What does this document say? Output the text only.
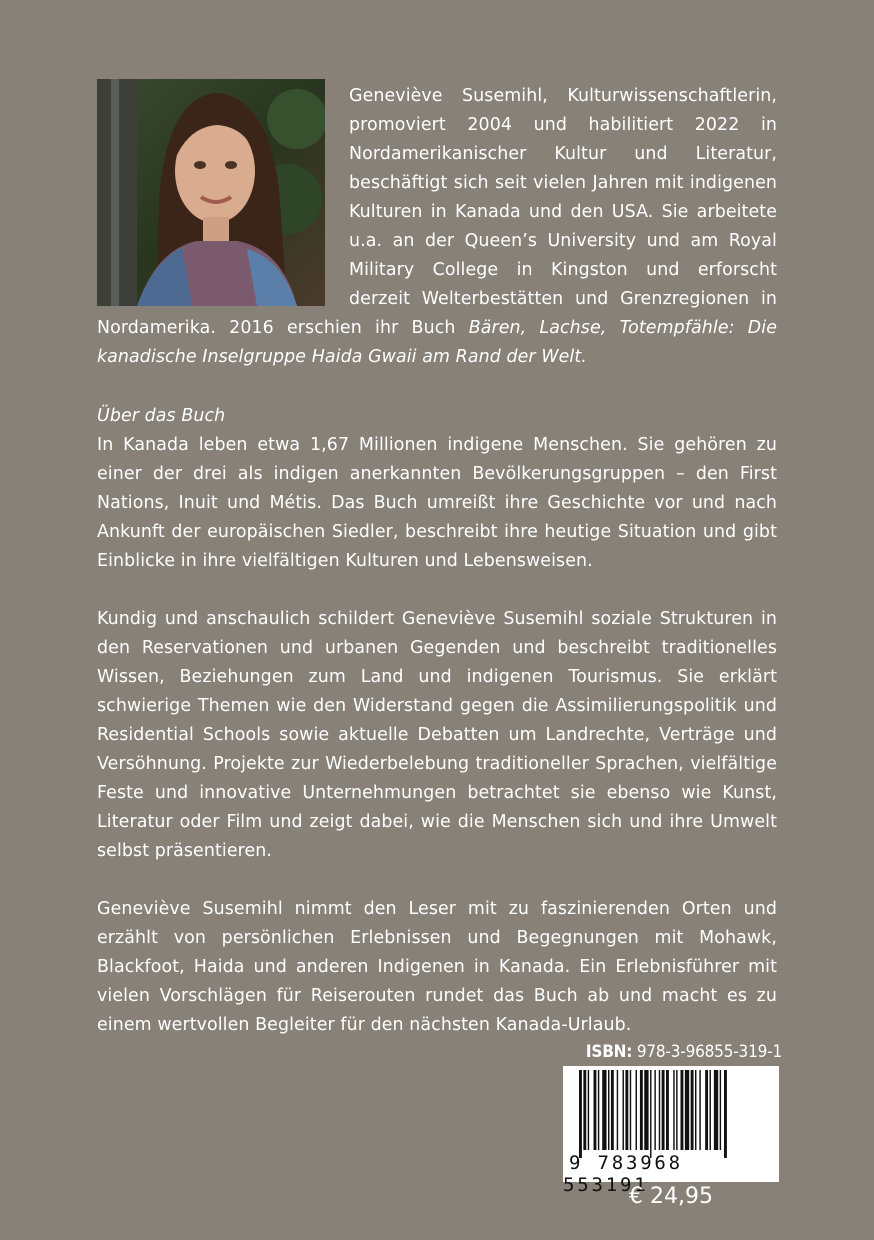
Geneviève Susemihl, Kulturwissenschaftlerin, promoviert 2004 und habilitiert 2022 in Nordamerikanischer Kultur und Literatur, beschäftigt sich seit vielen Jahren mit indigenen Kulturen in Kanada und den USA. Sie arbeitete u.a. an der Queen’s University und am Royal Military College in Kingston und erforscht derzeit Welterbestätten und Grenzregionen in Nordamerika. 2016 erschien ihr Buch Bären, Lachse, Totempfähle: Die kanadische Inselgruppe Haida Gwaii am Rand der Welt.

Über das Buch

In Kanada leben etwa 1,67 Millionen indigene Menschen. Sie gehören zu einer der drei als indigen anerkannten Bevölkerungsgruppen – den First Nations, Inuit und Métis. Das Buch umreißt ihre Geschichte vor und nach Ankunft der europäischen Siedler, beschreibt ihre heutige Situation und gibt Einblicke in ihre vielfältigen Kulturen und Lebensweisen.

Kundig und anschaulich schildert Geneviève Susemihl soziale Strukturen in den Reservationen und urbanen Gegenden und beschreibt traditionelles Wissen, Beziehungen zum Land und indigenen Tourismus. Sie erklärt schwierige Themen wie den Widerstand gegen die Assimilierungspolitik und Residential Schools sowie aktuelle Debatten um Landrechte, Verträge und Versöhnung. Projekte zur Wiederbelebung traditioneller Sprachen, vielfältige Feste und innovative Unternehmungen betrachtet sie ebenso wie Kunst, Literatur oder Film und zeigt dabei, wie die Menschen sich und ihre Umwelt selbst präsentieren.

Geneviève Susemihl nimmt den Leser mit zu faszinierenden Orten und erzählt von persönlichen Erlebnissen und Begegnungen mit Mohawk, Blackfoot, Haida und anderen Indigenen in Kanada. Ein Erlebnisführer mit vielen Vorschlägen für Reiserouten rundet das Buch ab und macht es zu einem wertvollen Begleiter für den nächsten Kanada-Urlaub.

ISBN: 978-3-96855-319-1
9 783968 553191
€ 24,95
